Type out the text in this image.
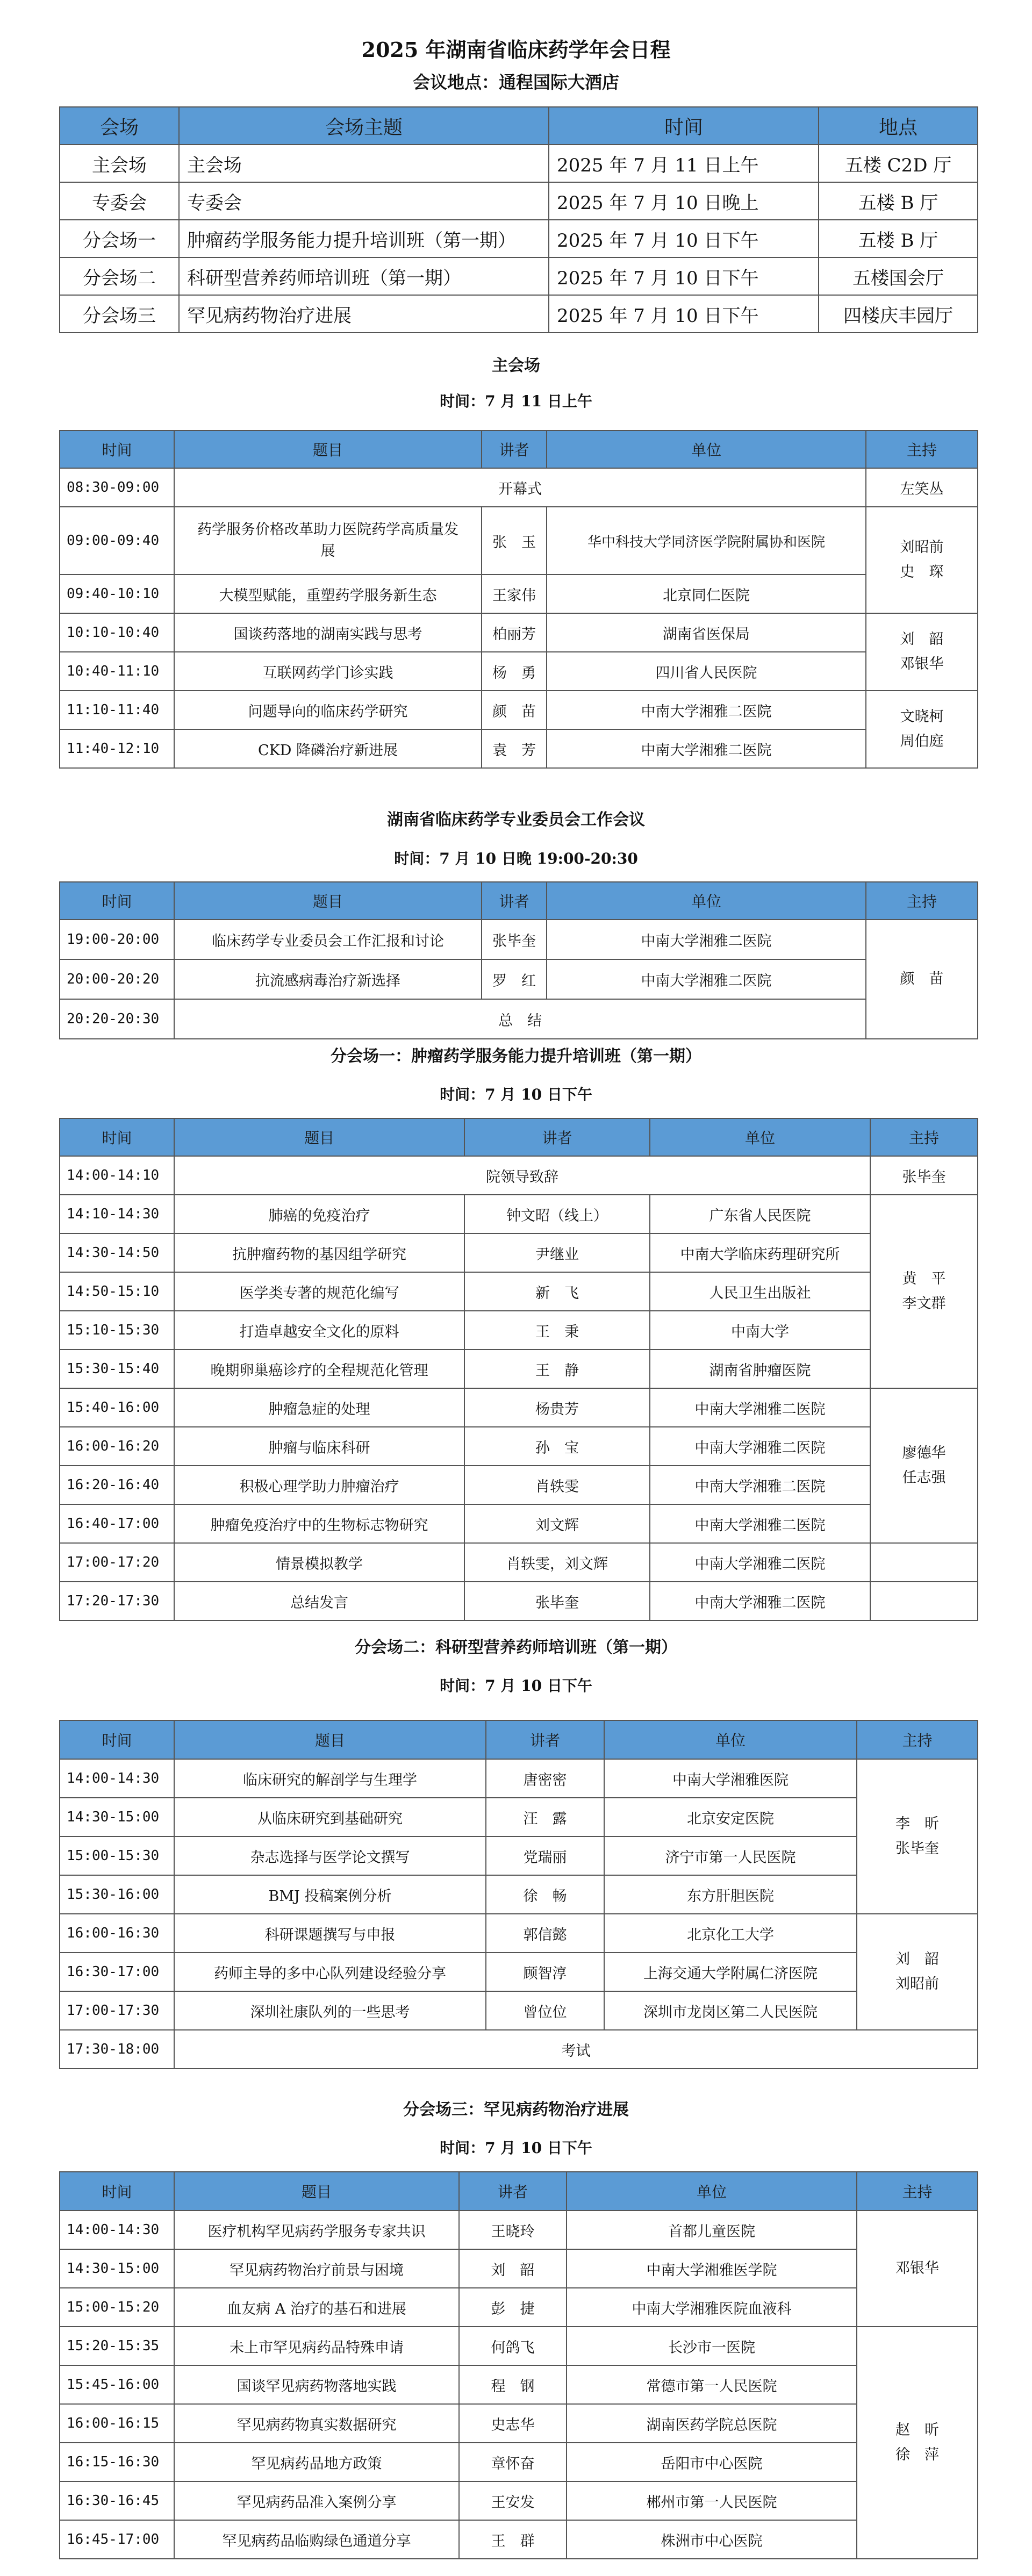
2025 年湖南省临床药学年会日程
会议地点：通程国际大酒店
会场	会场主题	时间	地点
主会场	主会场	2025 年 7 月 11 日上午	五楼 C2D 厅
专委会	专委会	2025 年 7 月 10 日晚上	五楼 B 厅
分会场一	肿瘤药学服务能力提升培训班（第一期）	2025 年 7 月 10 日下午	五楼 B 厅
分会场二	科研型营养药师培训班（第一期）	2025 年 7 月 10 日下午	五楼国会厅
分会场三	罕见病药物治疗进展	2025 年 7 月 10 日下午	四楼庆丰园厅
主会场
时间：7 月 11 日上午
时间	题目	讲者	单位	主持
08:30-09:00	开幕式			左笑丛
09:00-09:40	药学服务价格改革助力医院药学高质量发展	张　玉	华中科技大学同济医学院附属协和医院	刘昭前
史　琛
09:40-10:10	大模型赋能，重塑药学服务新生态	王家伟	北京同仁医院	
10:10-10:40	国谈药落地的湖南实践与思考	柏丽芳	湖南省医保局	刘　韶
邓银华
10:40-11:10	互联网药学门诊实践	杨　勇	四川省人民医院	
11:10-11:40	问题导向的临床药学研究	颜　苗	中南大学湘雅二医院	文晓柯
周伯庭
11:40-12:10	CKD 降磷治疗新进展	袁　芳	中南大学湘雅二医院	
湖南省临床药学专业委员会工作会议
时间：7 月 10 日晚 19:00-20:30
时间	题目	讲者	单位	主持
19:00-20:00	临床药学专业委员会工作汇报和讨论	张毕奎	中南大学湘雅二医院	颜　苗
20:00-20:20	抗流感病毒治疗新选择	罗　红	中南大学湘雅二医院	
20:20-20:30	总　结			
分会场一：肿瘤药学服务能力提升培训班（第一期）
时间：7 月 10 日下午
时间	题目	讲者	单位	主持
14:00-14:10	院领导致辞			张毕奎
14:10-14:30	肺癌的免疫治疗	钟文昭（线上）	广东省人民医院	黄　平
李文群
14:30-14:50	抗肿瘤药物的基因组学研究	尹继业	中南大学临床药理研究所	
14:50-15:10	医学类专著的规范化编写	新　飞	人民卫生出版社	
15:10-15:30	打造卓越安全文化的原料	王　秉	中南大学	
15:30-15:40	晚期卵巢癌诊疗的全程规范化管理	王　静	湖南省肿瘤医院	
15:40-16:00	肿瘤急症的处理	杨贵芳	中南大学湘雅二医院	廖德华
任志强
16:00-16:20	肿瘤与临床科研	孙　宝	中南大学湘雅二医院	
16:20-16:40	积极心理学助力肿瘤治疗	肖轶雯	中南大学湘雅二医院	
16:40-17:00	肿瘤免疫治疗中的生物标志物研究	刘文辉	中南大学湘雅二医院	
17:00-17:20	情景模拟教学	肖轶雯，刘文辉	中南大学湘雅二医院	
17:20-17:30	总结发言	张毕奎	中南大学湘雅二医院	
分会场二：科研型营养药师培训班（第一期）
时间：7 月 10 日下午
时间	题目	讲者	单位	主持
14:00-14:30	临床研究的解剖学与生理学	唐密密	中南大学湘雅医院	李　昕
张毕奎
14:30-15:00	从临床研究到基础研究	汪　露	北京安定医院	
15:00-15:30	杂志选择与医学论文撰写	党瑞丽	济宁市第一人民医院	
15:30-16:00	BMJ 投稿案例分析	徐　畅	东方肝胆医院	
16:00-16:30	科研课题撰写与申报	郭信懿	北京化工大学	刘　韶
刘昭前
16:30-17:00	药师主导的多中心队列建设经验分享	顾智淳	上海交通大学附属仁济医院	
17:00-17:30	深圳社康队列的一些思考	曾位位	深圳市龙岗区第二人民医院	
17:30-18:00	考试			
分会场三：罕见病药物治疗进展
时间：7 月 10 日下午
时间	题目	讲者	单位	主持
14:00-14:30	医疗机构罕见病药学服务专家共识	王晓玲	首都儿童医院	邓银华
14:30-15:00	罕见病药物治疗前景与困境	刘　韶	中南大学湘雅医学院	
15:00-15:20	血友病 A 治疗的基石和进展	彭　捷	中南大学湘雅医院血液科	
15:20-15:35	未上市罕见病药品特殊申请	何鸽飞	长沙市一医院	赵　昕
徐　萍
15:45-16:00	国谈罕见病药物落地实践	程　钢	常德市第一人民医院	
16:00-16:15	罕见病药物真实数据研究	史志华	湖南医药学院总医院	
16:15-16:30	罕见病药品地方政策	章怀奋	岳阳市中心医院	
16:30-16:45	罕见病药品准入案例分享	王安发	郴州市第一人民医院	
16:45-17:00	罕见病药品临购绿色通道分享	王　群	株洲市中心医院	
